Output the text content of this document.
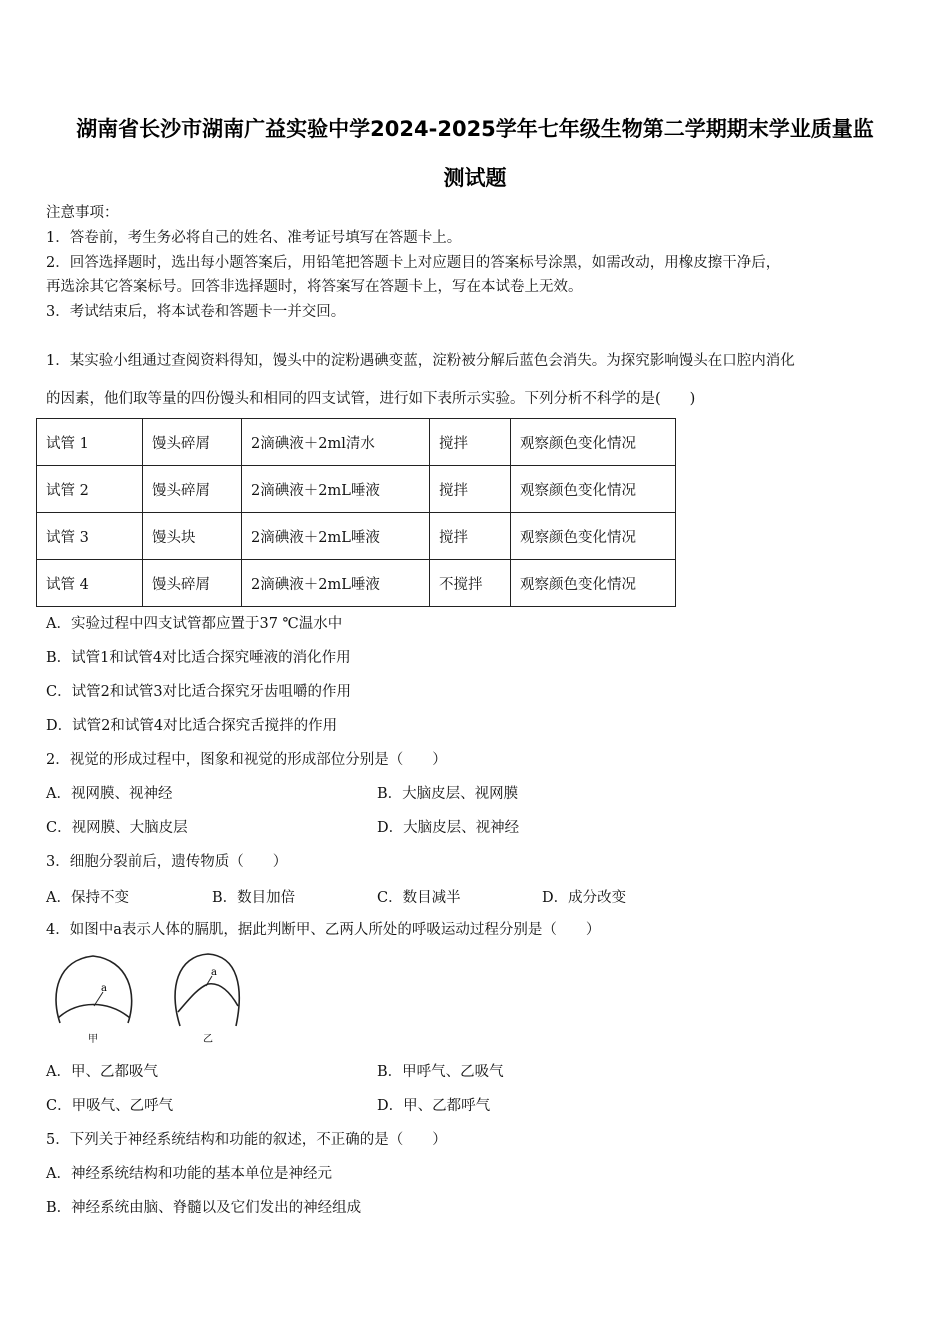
湖南省长沙市湖南广益实验中学2024-2025学年七年级生物第二学期期末学业质量监
测试题
注意事项：
1．答卷前，考生务必将自己的姓名、准考证号填写在答题卡上。
2．回答选择题时，选出每小题答案后，用铅笔把答题卡上对应题目的答案标号涂黑，如需改动，用橡皮擦干净后，
再选涂其它答案标号。回答非选择题时，将答案写在答题卡上，写在本试卷上无效。
3．考试结束后，将本试卷和答题卡一并交回。
1．某实验小组通过查阅资料得知，馒头中的淀粉遇碘变蓝，淀粉被分解后蓝色会消失。为探究影响馒头在口腔内消化
的因素，他们取等量的四份馒头和相同的四支试管，进行如下表所示实验。下列分析不科学的是(　　)
试管 1	馒头碎屑	2滴碘液＋2ml清水	搅拌	观察颜色变化情况
试管 2	馒头碎屑	2滴碘液＋2mL唾液	搅拌	观察颜色变化情况
试管 3	馒头块	2滴碘液＋2mL唾液	搅拌	观察颜色变化情况
试管 4	馒头碎屑	2滴碘液＋2mL唾液	不搅拌	观察颜色变化情况
A．实验过程中四支试管都应置于37 ℃温水中
B．试管1和试管4对比适合探究唾液的消化作用
C．试管2和试管3对比适合探究牙齿咀嚼的作用
D．试管2和试管4对比适合探究舌搅拌的作用
2．视觉的形成过程中，图象和视觉的形成部位分别是（　　）
A．视网膜、视神经	B．大脑皮层、视网膜
C．视网膜、大脑皮层	D．大脑皮层、视神经
3．细胞分裂前后，遗传物质（　　）
A．保持不变	B．数目加倍	C．数目减半	D．成分改变
4．如图中a表示人体的膈肌，据此判断甲、乙两人所处的呼吸运动过程分别是（　　）
a
甲
a
乙
A．甲、乙都吸气	B．甲呼气、乙吸气
C．甲吸气、乙呼气	D．甲、乙都呼气
5．下列关于神经系统结构和功能的叙述，不正确的是（　　）
A．神经系统结构和功能的基本单位是神经元
B．神经系统由脑、脊髓以及它们发出的神经组成
